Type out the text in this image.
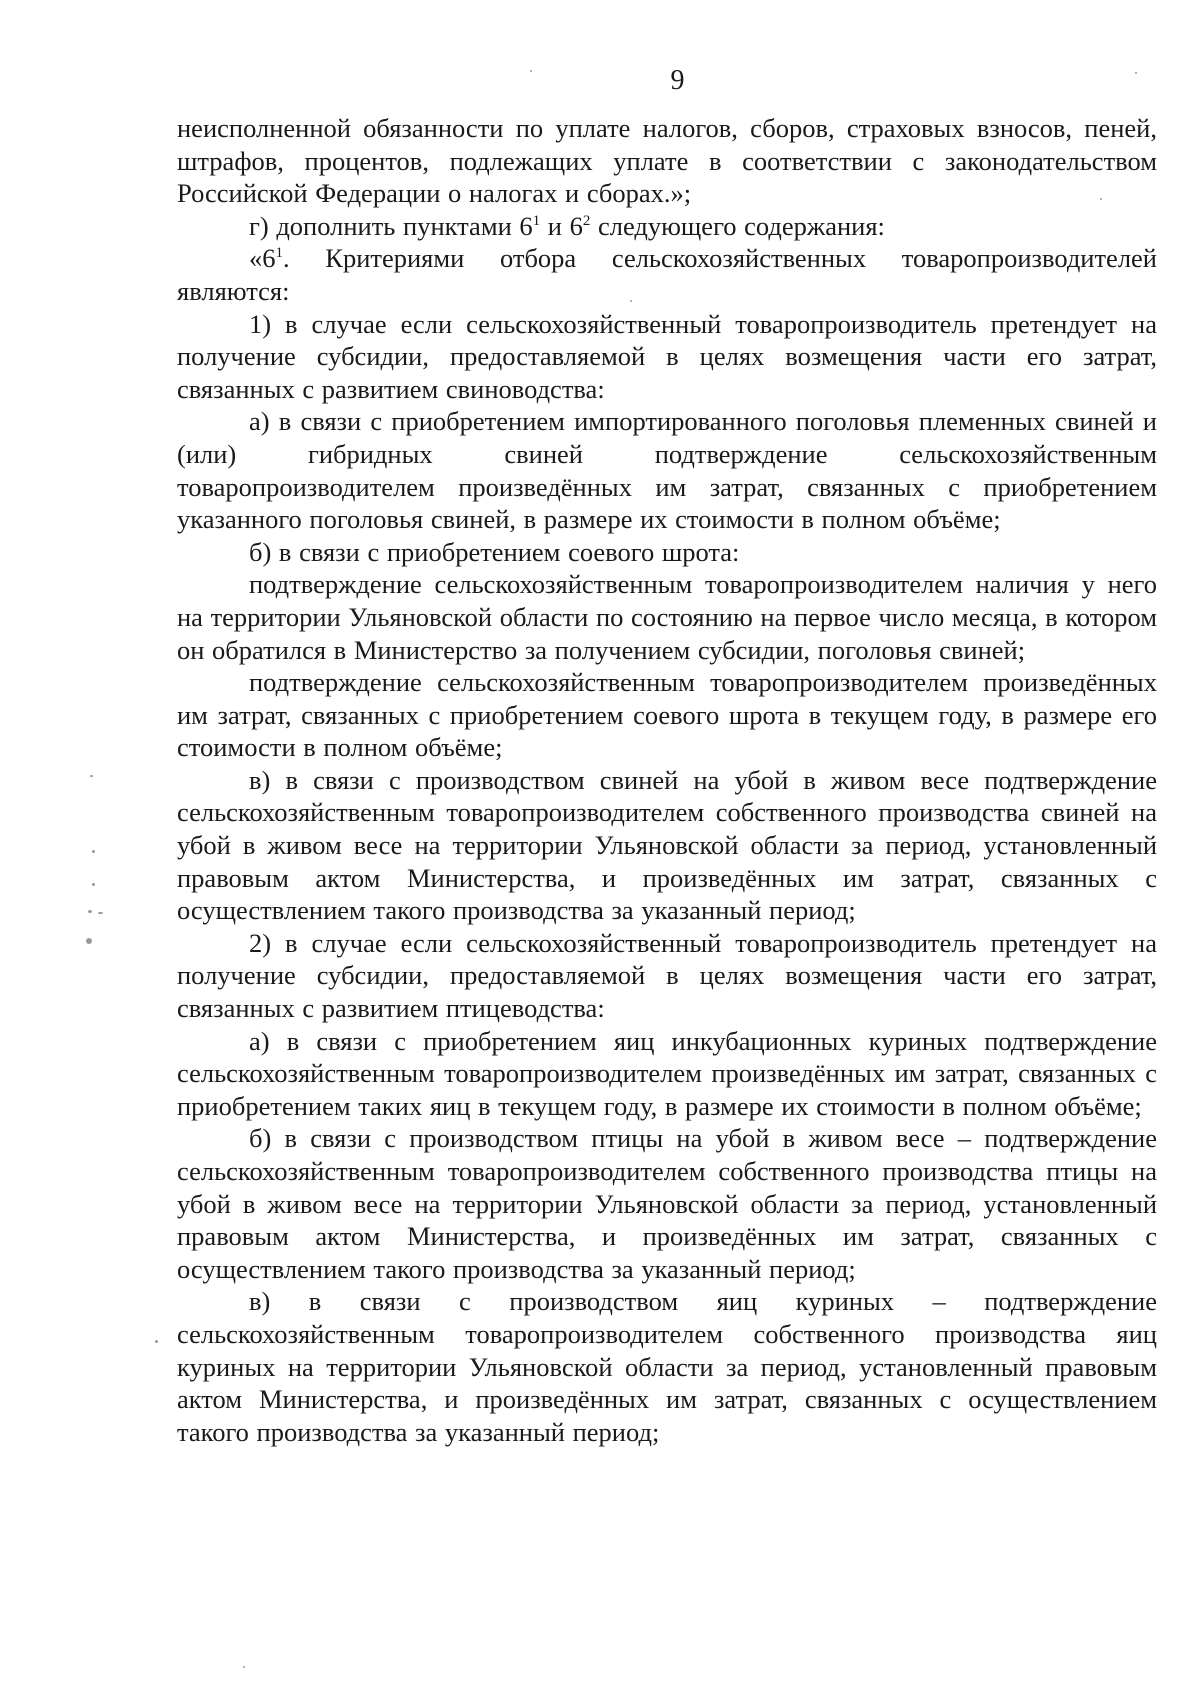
9

неисполненной обязанности по уплате налогов, сборов, страховых взносов, пеней, штрафов, процентов, подлежащих уплате в соответствии с законодательством Российской Федерации о налогах и сборах.»;

г) дополнить пунктами $6^1$ и $6^2$ следующего содержания:

«$6^1$. Критериями отбора сельскохозяйственных товаропроизводителей являются:

1) в случае если сельскохозяйственный товаропроизводитель претендует на получение субсидии, предоставляемой в целях возмещения части его затрат, связанных с развитием свиноводства:

а) в связи с приобретением импортированного поголовья племенных свиней и (или) гибридных свиней подтверждение сельскохозяйственным товаропроизводителем произведённых им затрат, связанных с приобретением указанного поголовья свиней, в размере их стоимости в полном объёме;

б) в связи с приобретением соевого шрота:

подтверждение сельскохозяйственным товаропроизводителем наличия у него на территории Ульяновской области по состоянию на первое число месяца, в котором он обратился в Министерство за получением субсидии, поголовья свиней;

подтверждение сельскохозяйственным товаропроизводителем произведённых им затрат, связанных с приобретением соевого шрота в текущем году, в размере его стоимости в полном объёме;

в) в связи с производством свиней на убой в живом весе подтверждение сельскохозяйственным товаропроизводителем собственного производства свиней на убой в живом весе на территории Ульяновской области за период, установленный правовым актом Министерства, и произведённых им затрат, связанных с осуществлением такого производства за указанный период;

2) в случае если сельскохозяйственный товаропроизводитель претендует на получение субсидии, предоставляемой в целях возмещения части его затрат, связанных с развитием птицеводства:

а) в связи с приобретением яиц инкубационных куриных подтверждение сельскохозяйственным товаропроизводителем произведённых им затрат, связанных с приобретением таких яиц в текущем году, в размере их стоимости в полном объёме;

б) в связи с производством птицы на убой в живом весе – подтверждение сельскохозяйственным товаропроизводителем собственного производства птицы на убой в живом весе на территории Ульяновской области за период, установленный правовым актом Министерства, и произведённых им затрат, связанных с осуществлением такого производства за указанный период;

в) в связи с производством яиц куриных – подтверждение сельскохозяйственным товаропроизводителем собственного производства яиц куриных на территории Ульяновской области за период, установленный правовым актом Министерства, и произведённых им затрат, связанных с осуществлением такого производства за указанный период;
